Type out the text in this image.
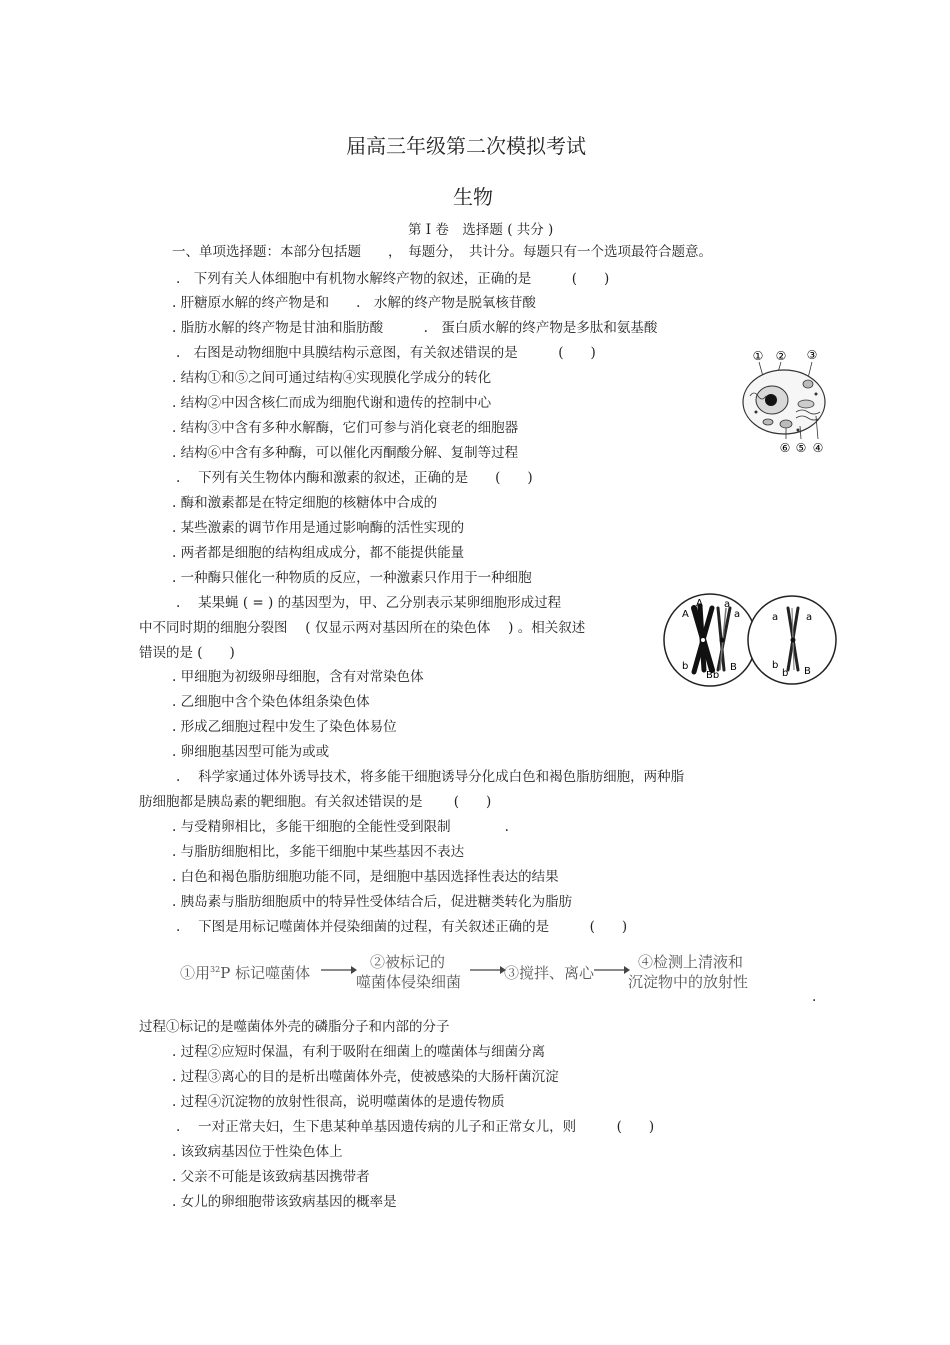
届高三年级第二次模拟考试
生物
第 I 卷　选择题 ( 共分 )
一、单项选择题：本部分包括题　　，　每题分，　共计分。每题只有一个选项最符合题意。
.　下列有关人体细胞中有机物水解终产物的叙述，正确的是　　　(　　)
. 肝糖原水解的终产物是和　　.　水解的终产物是脱氧核苷酸
. 脂肪水解的终产物是甘油和脂肪酸　　　.　蛋白质水解的终产物是多肽和氨基酸
.　右图是动物细胞中具膜结构示意图，有关叙述错误的是　　　(　　)
. 结构①和⑤之间可通过结构④实现膜化学成分的转化
. 结构②中因含核仁而成为细胞代谢和遗传的控制中心
. 结构③中含有多种水解酶，它们可参与消化衰老的细胞器
. 结构⑥中含有多种酶，可以催化丙酮酸分解、复制等过程
① ② ③
⑥ ⑤ ④
.　 下列有关生物体内酶和激素的叙述，正确的是　　(　　)
. 酶和激素都是在特定细胞的核糖体中合成的
. 某些激素的调节作用是通过影响酶的活性实现的
. 两者都是细胞的结构组成成分，都不能提供能量
. 一种酶只催化一种物质的反应，一种激素只作用于一种细胞
.　 某果蝇 ( = ) 的基因型为，甲、乙分别表示某卵细胞形成过程
中不同时期的细胞分裂图　 ( 仅显示两对基因所在的染色体　 ) 。相关叙述
错误的是 (　　)
. 甲细胞为初级卵母细胞，含有对常染色体
. 乙细胞中含个染色体组条染色体
. 形成乙细胞过程中发生了染色体易位
. 卵细胞基因型可能为或或
A
A a
a
b
Bb
B
a	a
b
b B
.　 科学家通过体外诱导技术，将多能干细胞诱导分化成白色和褐色脂肪细胞，两种脂
肪细胞都是胰岛素的靶细胞。有关叙述错误的是　　 (　　)
. 与受精卵相比，多能干细胞的全能性受到限制　　　　.
. 与脂肪细胞相比，多能干细胞中某些基因不表达
. 白色和褐色脂肪细胞功能不同，是细胞中基因选择性表达的结果
. 胰岛素与脂肪细胞质中的特异性受体结合后，促进糖类转化为脂肪
.　 下图是用标记噬菌体并侵染细菌的过程，有关叙述正确的是　　　(　　)
①用$^{32}$P 标记噬菌体
②被标记的
噬菌体侵染细菌	③搅拌、离心
④检测上清液和
沉淀物中的放射性
.
过程①标记的是噬菌体外壳的磷脂分子和内部的分子
. 过程②应短时保温，有利于吸附在细菌上的噬菌体与细菌分离
. 过程③离心的目的是析出噬菌体外壳，使被感染的大肠杆菌沉淀
. 过程④沉淀物的放射性很高，说明噬菌体的是遗传物质
.　 一对正常夫妇，生下患某种单基因遗传病的儿子和正常女儿，则　　　(　　)
. 该致病基因位于性染色体上
. 父亲不可能是该致病基因携带者
. 女儿的卵细胞带该致病基因的概率是
